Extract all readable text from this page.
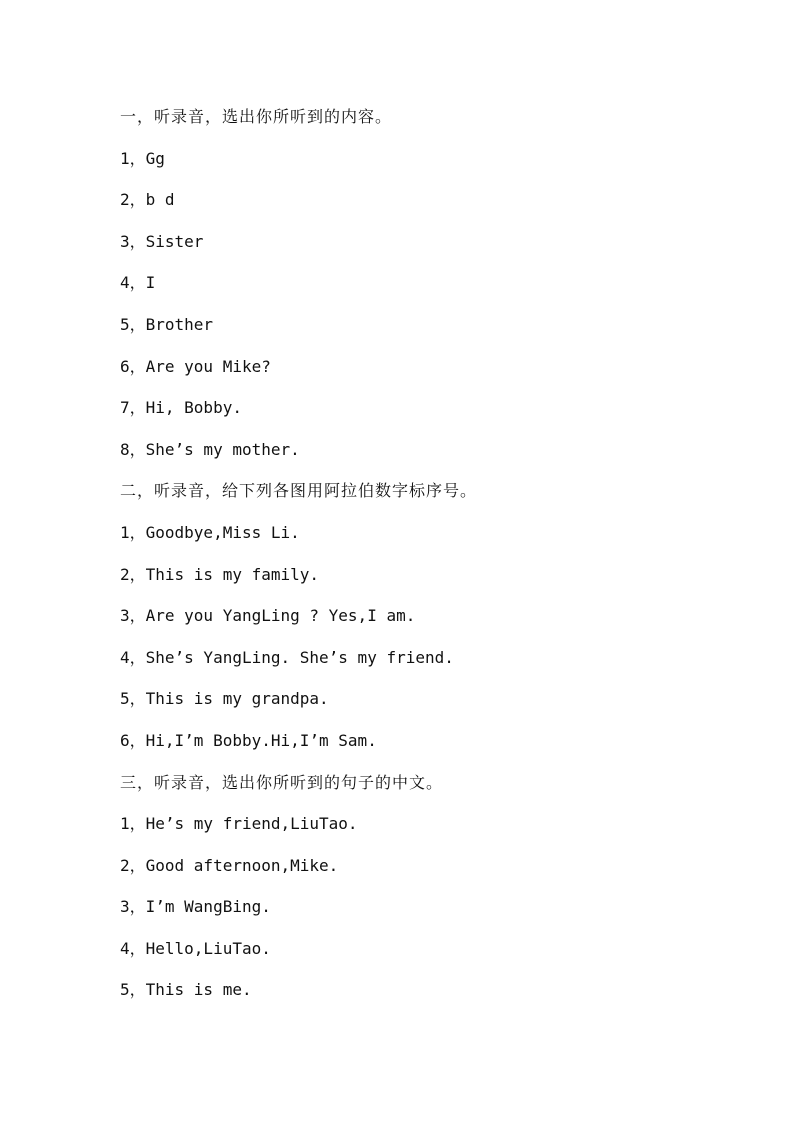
一，听录音，选出你所听到的内容。
1，Gg
2，b d
3，Sister
4，I
5，Brother
6，Are you Mike?
7，Hi, Bobby.
8，She’s my mother.
二，听录音，给下列各图用阿拉伯数字标序号。
1，Goodbye,Miss Li.
2，This is my family.
3，Are you YangLing ? Yes,I am.
4，She’s YangLing. She’s my friend.
5，This is my grandpa.
6，Hi,I’m Bobby.Hi,I’m Sam.
三，听录音，选出你所听到的句子的中文。
1，He’s my friend,LiuTao.
2，Good afternoon,Mike.
3，I’m WangBing.
4，Hello,LiuTao.
5，This is me.
